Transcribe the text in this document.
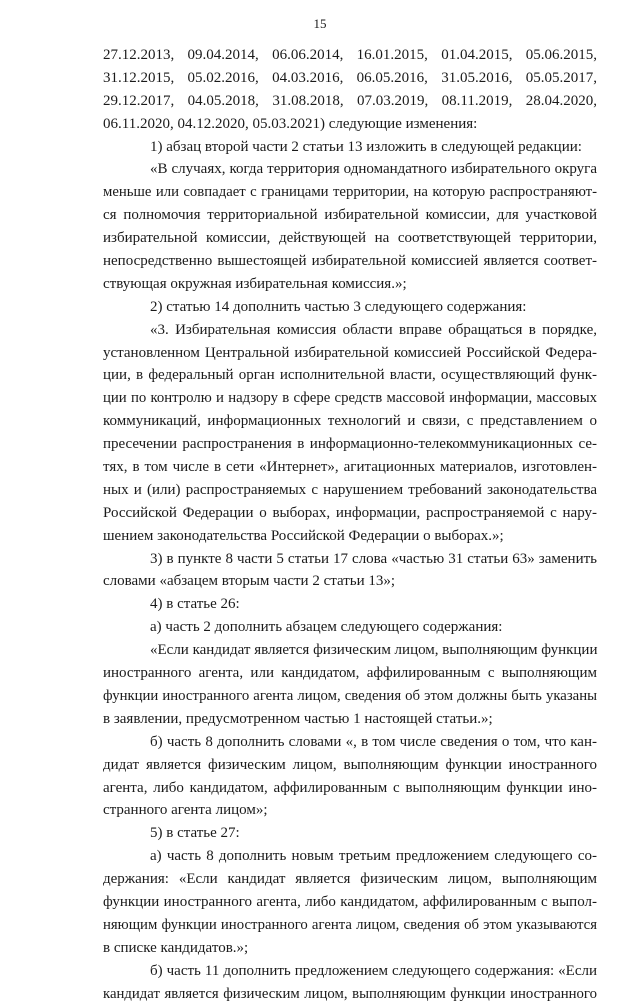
15
27.12.2013, 09.04.2014, 06.06.2014, 16.01.2015, 01.04.2015, 05.06.2015,
31.12.2015, 05.02.2016, 04.03.2016, 06.05.2016, 31.05.2016, 05.05.2017,
29.12.2017, 04.05.2018, 31.08.2018, 07.03.2019, 08.11.2019, 28.04.2020,
06.11.2020, 04.12.2020, 05.03.2021) следующие изменения:
1) абзац второй части 2 статьи 13 изложить в следующей редакции:
«В случаях, когда территория одномандатного избирательного округа
меньше или совпадает с границами территории, на которую распространяют-
ся полномочия территориальной избирательной комиссии, для участковой
избирательной комиссии, действующей на соответствующей территории,
непосредственно вышестоящей избирательной комиссией является соответ-
ствующая окружная избирательная комиссия.»;
2) статью 14 дополнить частью 3 следующего содержания:
«3. Избирательная комиссия области вправе обращаться в порядке,
установленном Центральной избирательной комиссией Российской Федера-
ции, в федеральный орган исполнительной власти, осуществляющий функ-
ции по контролю и надзору в сфере средств массовой информации, массовых
коммуникаций, информационных технологий и связи, с представлением о
пресечении распространения в информационно-телекоммуникационных се-
тях, в том числе в сети «Интернет», агитационных материалов, изготовлен-
ных и (или) распространяемых с нарушением требований законодательства
Российской Федерации о выборах, информации, распространяемой с нару-
шением законодательства Российской Федерации о выборах.»;
3) в пункте 8 части 5 статьи 17 слова «частью 31 статьи 63» заменить
словами «абзацем вторым части 2 статьи 13»;
4) в статье 26:
а) часть 2 дополнить абзацем следующего содержания:
«Если кандидат является физическим лицом, выполняющим функции
иностранного агента, или кандидатом, аффилированным с выполняющим
функции иностранного агента лицом, сведения об этом должны быть указаны
в заявлении, предусмотренном частью 1 настоящей статьи.»;
б) часть 8 дополнить словами «, в том числе сведения о том, что кан-
дидат является физическим лицом, выполняющим функции иностранного
агента, либо кандидатом, аффилированным с выполняющим функции ино-
странного агента лицом»;
5) в статье 27:
а) часть 8 дополнить новым третьим предложением следующего со-
держания: «Если кандидат является физическим лицом, выполняющим
функции иностранного агента, либо кандидатом, аффилированным с выпол-
няющим функции иностранного агента лицом, сведения об этом указываются
в списке кандидатов.»;
б) часть 11 дополнить предложением следующего содержания: «Если
кандидат является физическим лицом, выполняющим функции иностранного
